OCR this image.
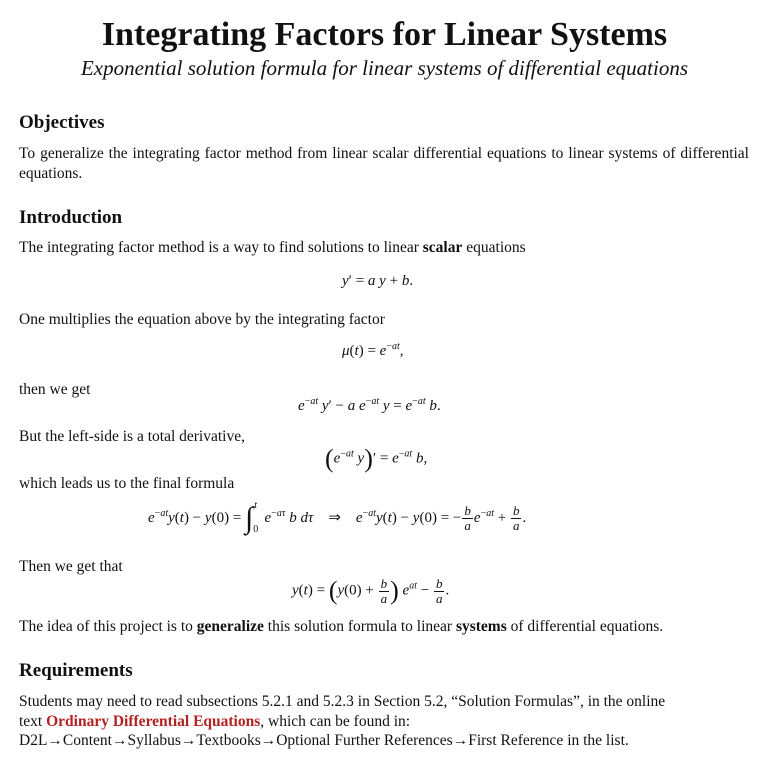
Integrating Factors for Linear Systems
Exponential solution formula for linear systems of differential equations
Objectives
To generalize the integrating factor method from linear scalar differential equations to linear systems of differential equations.
Introduction
The integrating factor method is a way to find solutions to linear scalar equations
y′ = a y + b.
One multiplies the equation above by the integrating factor
$\mu(t) = e^{-at}$,
then we get
$e^{-at}$ y′ − a $e^{-at}$ $y = e^{-at}$ b.
But the left-side is a total derivative,
($e^{-at}$ $y)' = e^{-at}$ b,
which leads us to the final formula
$e^{-at}y(t) - y(0) = \int_0^t$  $e^{-a\tau}$ b dτ    ⇒    $e^{-at}y(t) - y(0)$ = − $\frac{b}{a} e^{-at} + \frac{b}{a}$ .
Then we get that
$y(t) = (y(0) + \frac{b}{a}$ ) $e^{at} - \frac{b}{a}$ .
The idea of this project is to generalize this solution formula to linear systems of differential equations.
Requirements
Students may need to read subsections 5.2.1 and 5.2.3 in Section 5.2, “Solution Formulas”, in the online
text Ordinary Differential Equations, which can be found in:
D2L→Content→Syllabus→Textbooks→Optional Further References→First Reference in the list.
